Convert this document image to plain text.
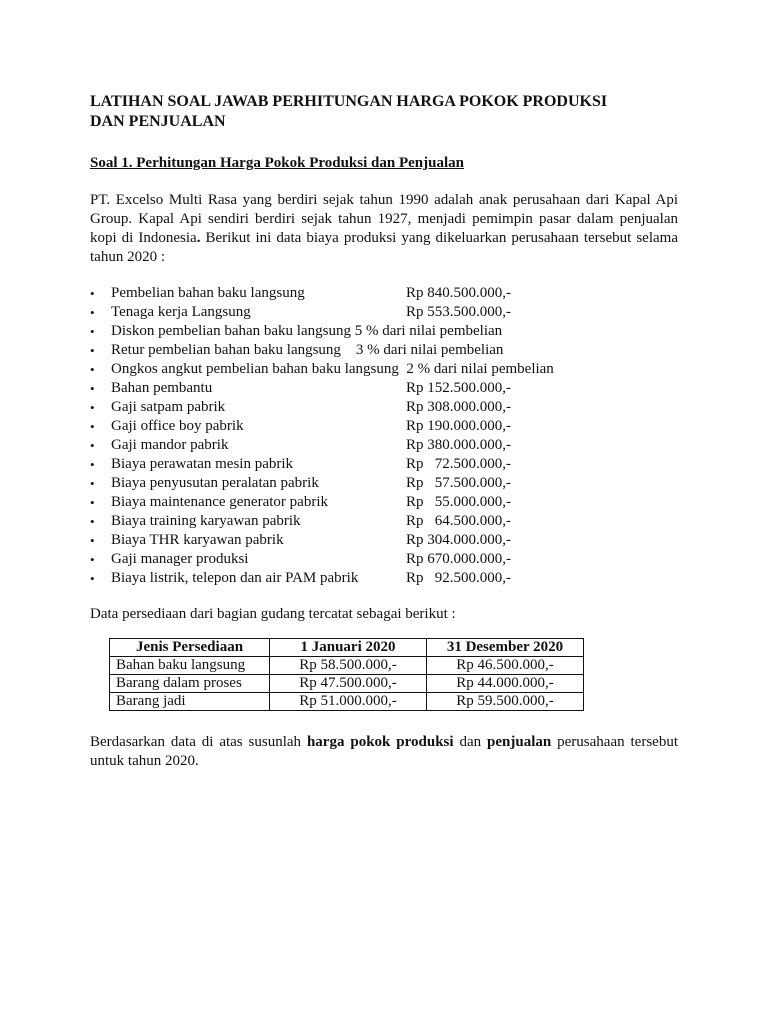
LATIHAN SOAL JAWAB PERHITUNGAN HARGA POKOK PRODUKSI
DAN PENJUALAN

Soal 1. Perhitungan Harga Pokok Produksi dan Penjualan

PT. Excelso Multi Rasa yang berdiri sejak tahun 1990 adalah anak perusahaan dari Kapal Api Group. Kapal Api sendiri berdiri sejak tahun 1927, menjadi pemimpin pasar dalam penjualan kopi di Indonesia. Berikut ini data biaya produksi yang dikeluarkan perusahaan tersebut selama tahun 2020 :

• Pembelian bahan baku langsung	Rp 840.500.000,-
• Tenaga kerja Langsung	Rp 553.500.000,-
• Diskon pembelian bahan baku langsung 5 % dari nilai pembelian
• Retur pembelian bahan baku langsung    3 % dari nilai pembelian
• Ongkos angkut pembelian bahan baku langsung  2 % dari nilai pembelian
• Bahan pembantu	Rp 152.500.000,-
• Gaji satpam pabrik	Rp 308.000.000,-
• Gaji office boy pabrik	Rp 190.000.000,-
• Gaji mandor pabrik	Rp 380.000.000,-
• Biaya perawatan mesin pabrik	Rp   72.500.000,-
• Biaya penyusutan peralatan pabrik	Rp   57.500.000,-
• Biaya maintenance generator pabrik	Rp   55.000.000,-
• Biaya training karyawan pabrik	Rp   64.500.000,-
• Biaya THR karyawan pabrik	Rp 304.000.000,-
• Gaji manager produksi	Rp 670.000.000,-
• Biaya listrik, telepon dan air PAM pabrik	Rp   92.500.000,-

Data persediaan dari bagian gudang tercatat sebagai berikut :

Jenis Persediaan	1 Januari 2020	31 Desember 2020
Bahan baku langsung	Rp 58.500.000,-	Rp 46.500.000,-
Barang dalam proses	Rp 47.500.000,-	Rp 44.000.000,-
Barang jadi	Rp 51.000.000,-	Rp 59.500.000,-

Berdasarkan data di atas susunlah harga pokok produksi dan penjualan perusahaan tersebut untuk tahun 2020.
